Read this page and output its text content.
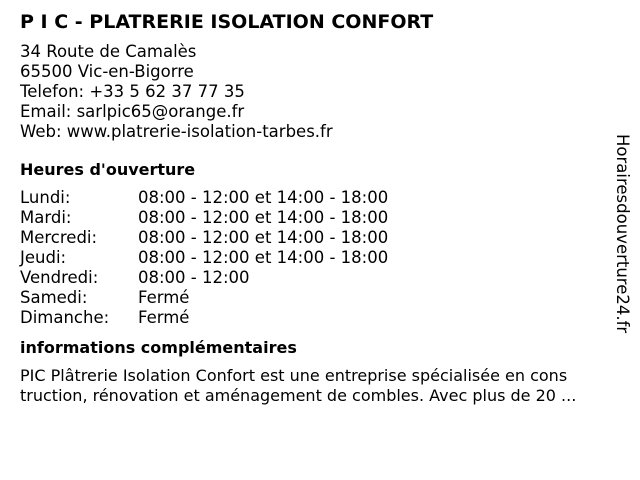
P I C - PLATRERIE ISOLATION CONFORT
34 Route de Camalès
65500 Vic-en-Bigorre
Telefon: +33 5 62 37 77 35
Email: sarlpic65@orange.fr
Web: www.platrerie-isolation-tarbes.fr
Heures d'ouverture
Lundi:	08:00 - 12:00 et 14:00 - 18:00
Mardi:	08:00 - 12:00 et 14:00 - 18:00
Mercredi:	08:00 - 12:00 et 14:00 - 18:00
Jeudi:	08:00 - 12:00 et 14:00 - 18:00
Vendredi:	08:00 - 12:00
Samedi:	Fermé
Dimanche:	Fermé
informations complémentaires
PIC Plâtrerie Isolation Confort est une entreprise spécialisée en cons
truction, rénovation et aménagement de combles. Avec plus de 20 ...
Horairesdouverture24.fr
